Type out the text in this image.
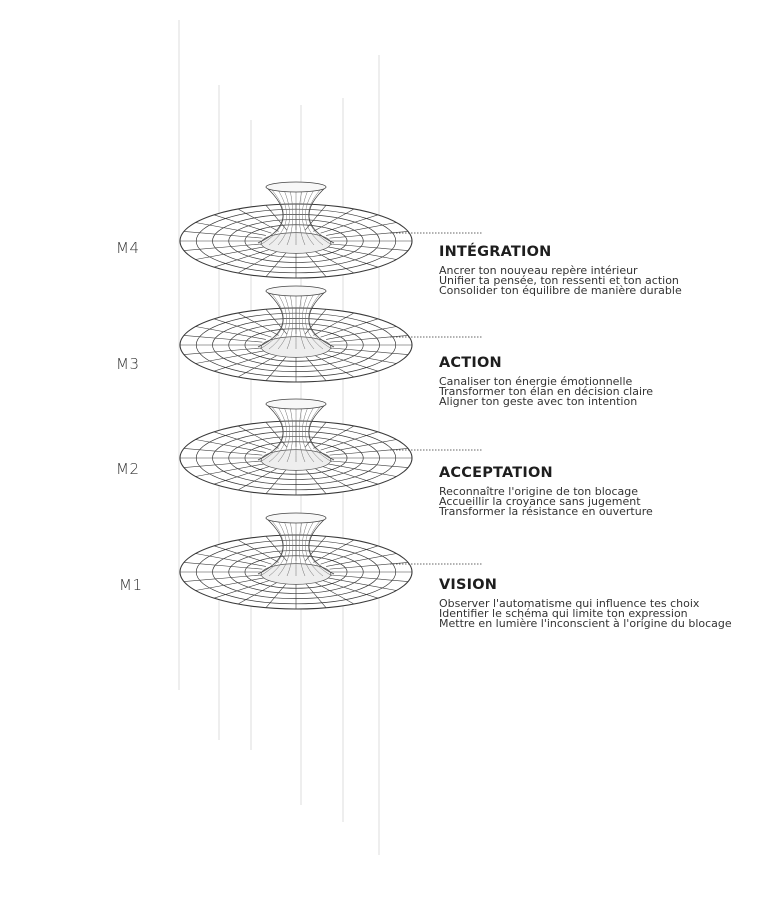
M4
M3
M2
M1
INTÉGRATION
Ancrer ton nouveau repère intérieur
Unifier ta pensée, ton ressenti et ton action
Consolider ton équilibre de manière durable
ACTION
Canaliser ton énergie émotionnelle
Transformer ton élan en décision claire
Aligner ton geste avec ton intention
ACCEPTATION
Reconnaître l'origine de ton blocage
Accueillir la croyance sans jugement
Transformer la résistance en ouverture
VISION
Observer l'automatisme qui influence tes choix
Identifier le schéma qui limite ton expression
Mettre en lumière l'inconscient à l'origine du blocage
